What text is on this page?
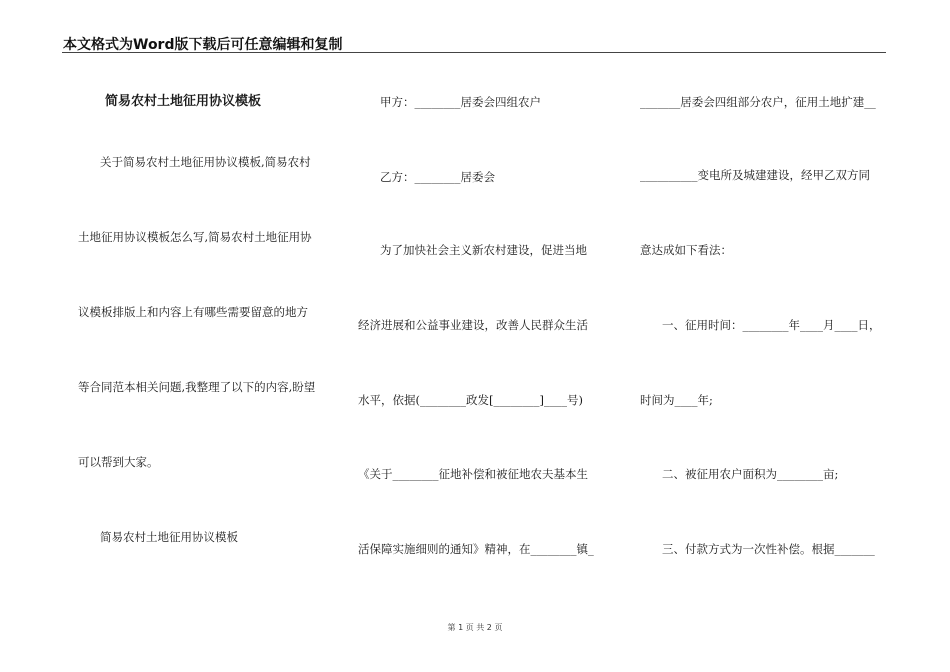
本文格式为Word版下载后可任意编辑和复制
简易农村土地征用协议模板
关于简易农村土地征用协议模板,简易农村
土地征用协议模板怎么写,简易农村土地征用协
议模板排版上和内容上有哪些需要留意的地方
等合同范本相关问题,我整理了以下的内容,盼望
可以帮到大家。
简易农村土地征用协议模板
甲方：________居委会四组农户
乙方：________居委会
为了加快社会主义新农村建设，促进当地
经济进展和公益事业建设，改善人民群众生活
水平，依据(________政发[________]____号)
《关于________征地补偿和被征地农夫基本生
活保障实施细则的通知》精神，在________镇_
_______居委会四组部分农户，征用土地扩建__
__________变电所及城建建设，经甲乙双方同
意达成如下看法：
一、征用时间：________年____月____日，
时间为____年;
二、被征用农户面积为________亩;
三、付款方式为一次性补偿。根据_______
第 1 页 共 2 页
